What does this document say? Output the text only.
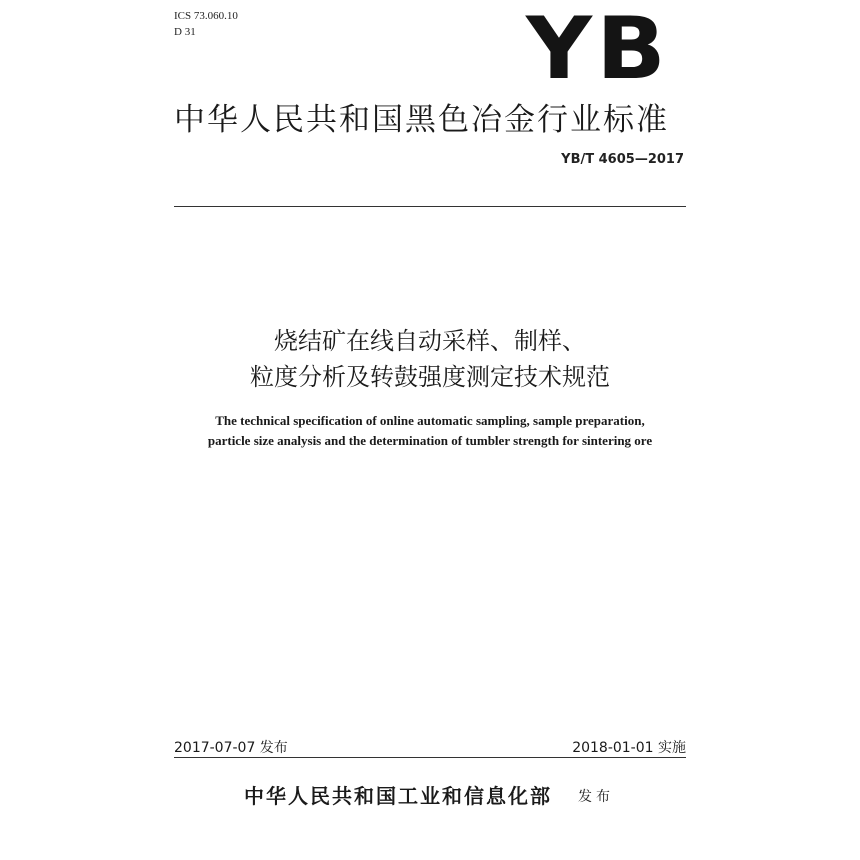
ICS 73.060.10
D 31	YB
中华人民共和国黑色冶金行业标准
YB/T 4605—2017
烧结矿在线自动采样、制样、
粒度分析及转鼓强度测定技术规范
The technical specification of online automatic sampling, sample preparation,
particle size analysis and the determination of tumbler strength for sintering ore
2017-07-07 发布	2018-01-01 实施
中华人民共和国工业和信息化部 发布
